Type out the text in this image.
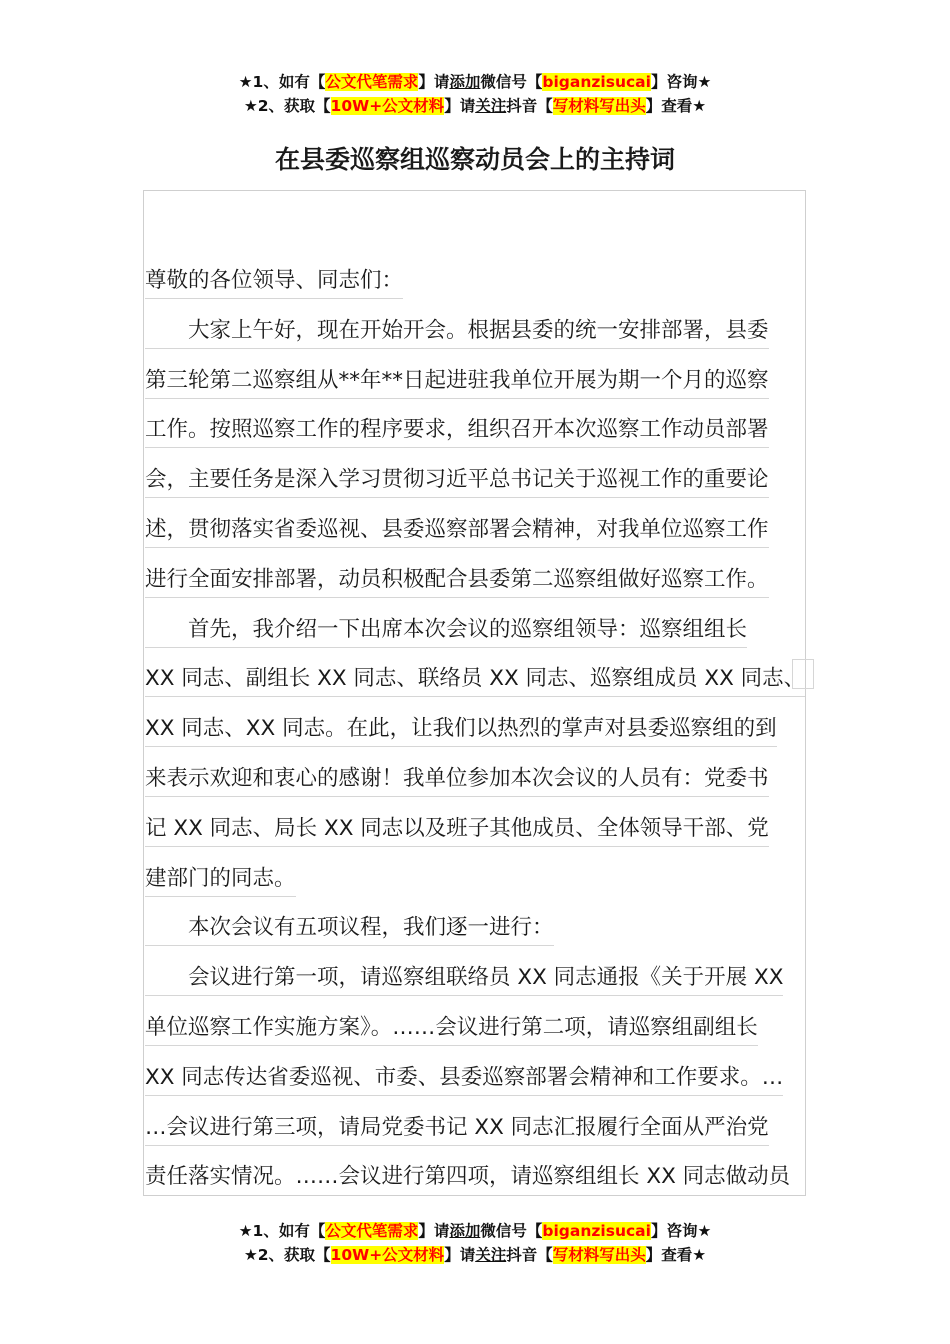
★1、如有【公文代笔需求】请添加微信号【biganzisucai】咨询★
★2、获取【10W+公文材料】请关注抖音【写材料写出头】查看★
在县委巡察组巡察动员会上的主持词
尊敬的各位领导、同志们：
大家上午好，现在开始开会。根据县委的统一安排部署，县委
第三轮第二巡察组从**年**日起进驻我单位开展为期一个月的巡察
工作。按照巡察工作的程序要求，组织召开本次巡察工作动员部署
会，主要任务是深入学习贯彻习近平总书记关于巡视工作的重要论
述，贯彻落实省委巡视、县委巡察部署会精神，对我单位巡察工作
进行全面安排部署，动员积极配合县委第二巡察组做好巡察工作。
首先，我介绍一下出席本次会议的巡察组领导：巡察组组长
XX 同志、副组长 XX 同志、联络员 XX 同志、巡察组成员 XX 同志、
XX 同志、XX 同志。在此，让我们以热烈的掌声对县委巡察组的到
来表示欢迎和衷心的感谢！我单位参加本次会议的人员有：党委书
记 XX 同志、局长 XX 同志以及班子其他成员、全体领导干部、党
建部门的同志。
本次会议有五项议程，我们逐一进行：
会议进行第一项，请巡察组联络员 XX 同志通报《关于开展 XX
单位巡察工作实施方案》。……会议进行第二项，请巡察组副组长
XX 同志传达省委巡视、市委、县委巡察部署会精神和工作要求。…
…会议进行第三项，请局党委书记 XX 同志汇报履行全面从严治党
责任落实情况。……会议进行第四项，请巡察组组长 XX 同志做动员
★1、如有【公文代笔需求】请添加微信号【biganzisucai】咨询★
★2、获取【10W+公文材料】请关注抖音【写材料写出头】查看★
